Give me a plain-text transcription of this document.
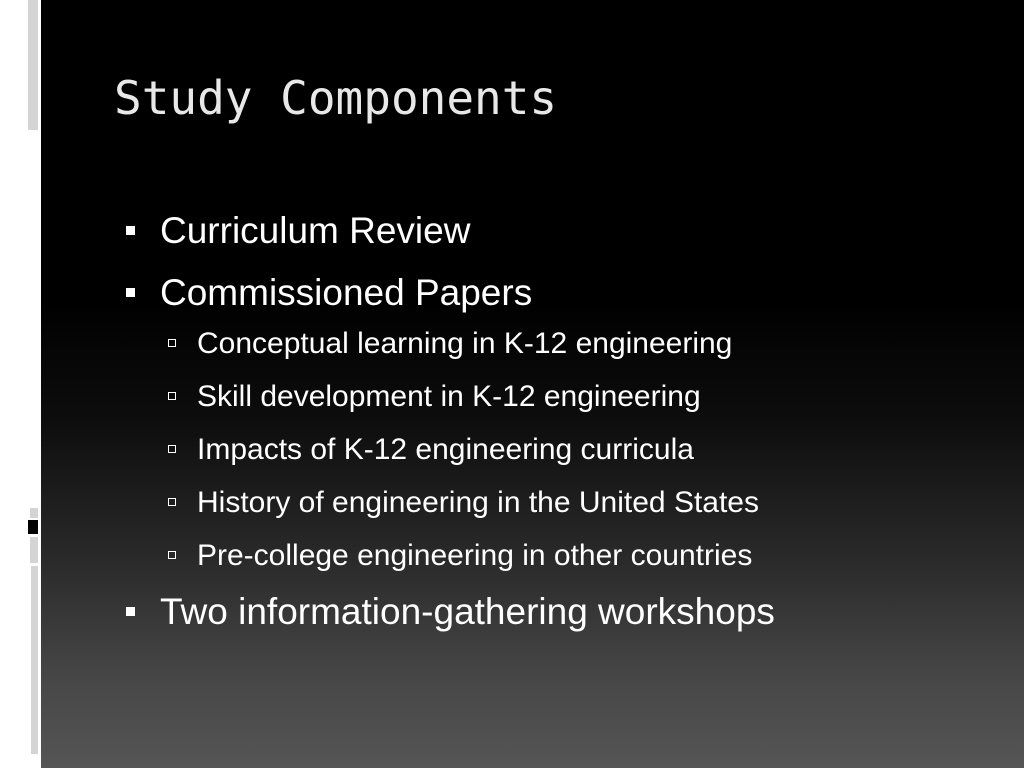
Study Components
Curriculum Review
Commissioned Papers
Conceptual learning in K-12 engineering
Skill development in K-12 engineering
Impacts of K-12 engineering curricula
History of engineering in the United States
Pre-college engineering in other countries
Two information-gathering workshops
